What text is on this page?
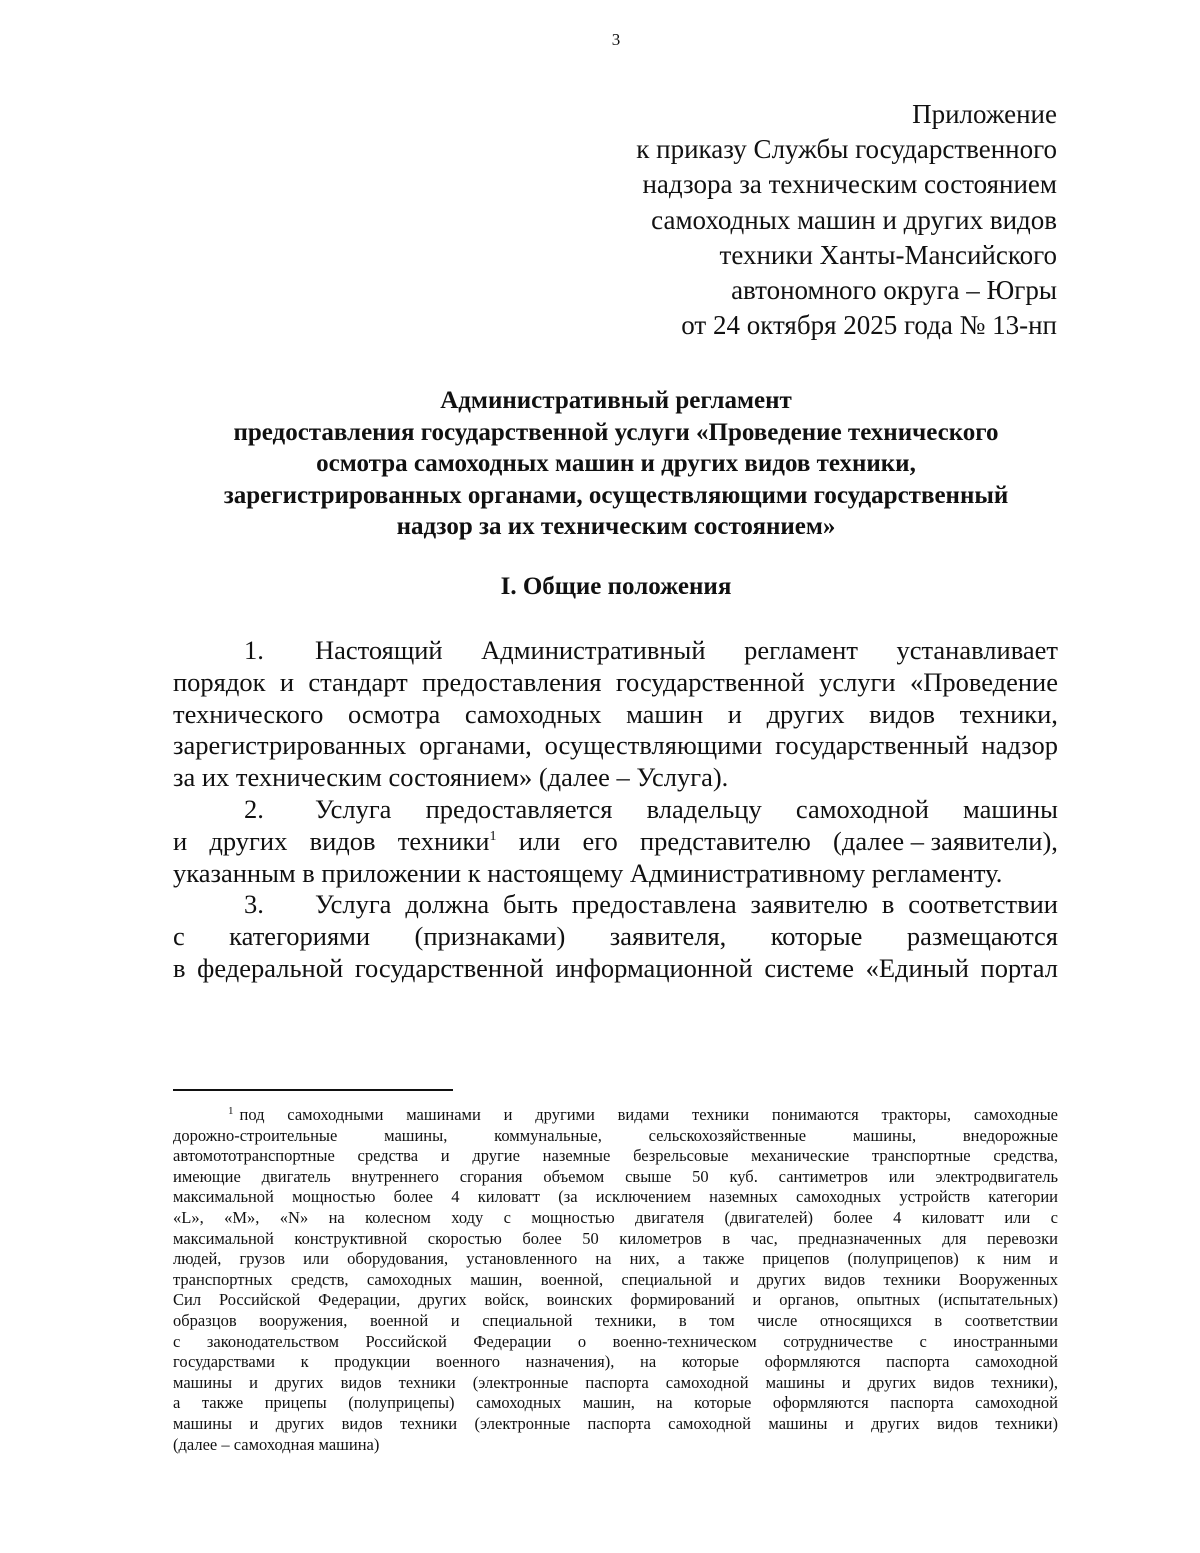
3
Приложение
к приказу Службы государственного
надзора за техническим состоянием
самоходных машин и других видов
техники Ханты-Мансийского
автономного округа – Югры
от 24 октября 2025 года № 13-нп
Административный регламент
предоставления государственной услуги «Проведение технического
осмотра самоходных машин и других видов техники,
зарегистрированных органами, осуществляющими государственный
надзор за их техническим состоянием»
I. Общие положения
1. Настоящий Административный регламент устанавливает
порядок и стандарт предоставления государственной услуги «Проведение
технического осмотра самоходных машин и других видов техники,
зарегистрированных органами, осуществляющими государственный надзор
за их техническим состоянием» (далее – Услуга).
2. Услуга предоставляется владельцу самоходной машины
и других видов техники$^1$ или его представителю (далее – заявители),
указанным в приложении к настоящему Административному регламенту.
3. Услуга должна быть предоставлена заявителю в соответствии
с категориями (признаками) заявителя, которые размещаются
в федеральной государственной информационной системе «Единый портал
$^1$ под самоходными машинами и другими видами техники понимаются тракторы, самоходные
дорожно-строительные машины, коммунальные, сельскохозяйственные машины, внедорожные
автомототранспортные средства и другие наземные безрельсовые механические транспортные средства,
имеющие двигатель внутреннего сгорания объемом свыше 50 куб. сантиметров или электродвигатель
максимальной мощностью более 4 киловатт (за исключением наземных самоходных устройств категории
«L», «M», «N» на колесном ходу с мощностью двигателя (двигателей) более 4 киловатт или с
максимальной конструктивной скоростью более 50 километров в час, предназначенных для перевозки
людей, грузов или оборудования, установленного на них, а также прицепов (полуприцепов) к ним и
транспортных средств, самоходных машин, военной, специальной и других видов техники Вооруженных
Сил Российской Федерации, других войск, воинских формирований и органов, опытных (испытательных)
образцов вооружения, военной и специальной техники, в том числе относящихся в соответствии
с законодательством Российской Федерации о военно-техническом сотрудничестве с иностранными
государствами к продукции военного назначения), на которые оформляются паспорта самоходной
машины и других видов техники (электронные паспорта самоходной машины и других видов техники),
а также прицепы (полуприцепы) самоходных машин, на которые оформляются паспорта самоходной
машины и других видов техники (электронные паспорта самоходной машины и других видов техники)
(далее – самоходная машина)
